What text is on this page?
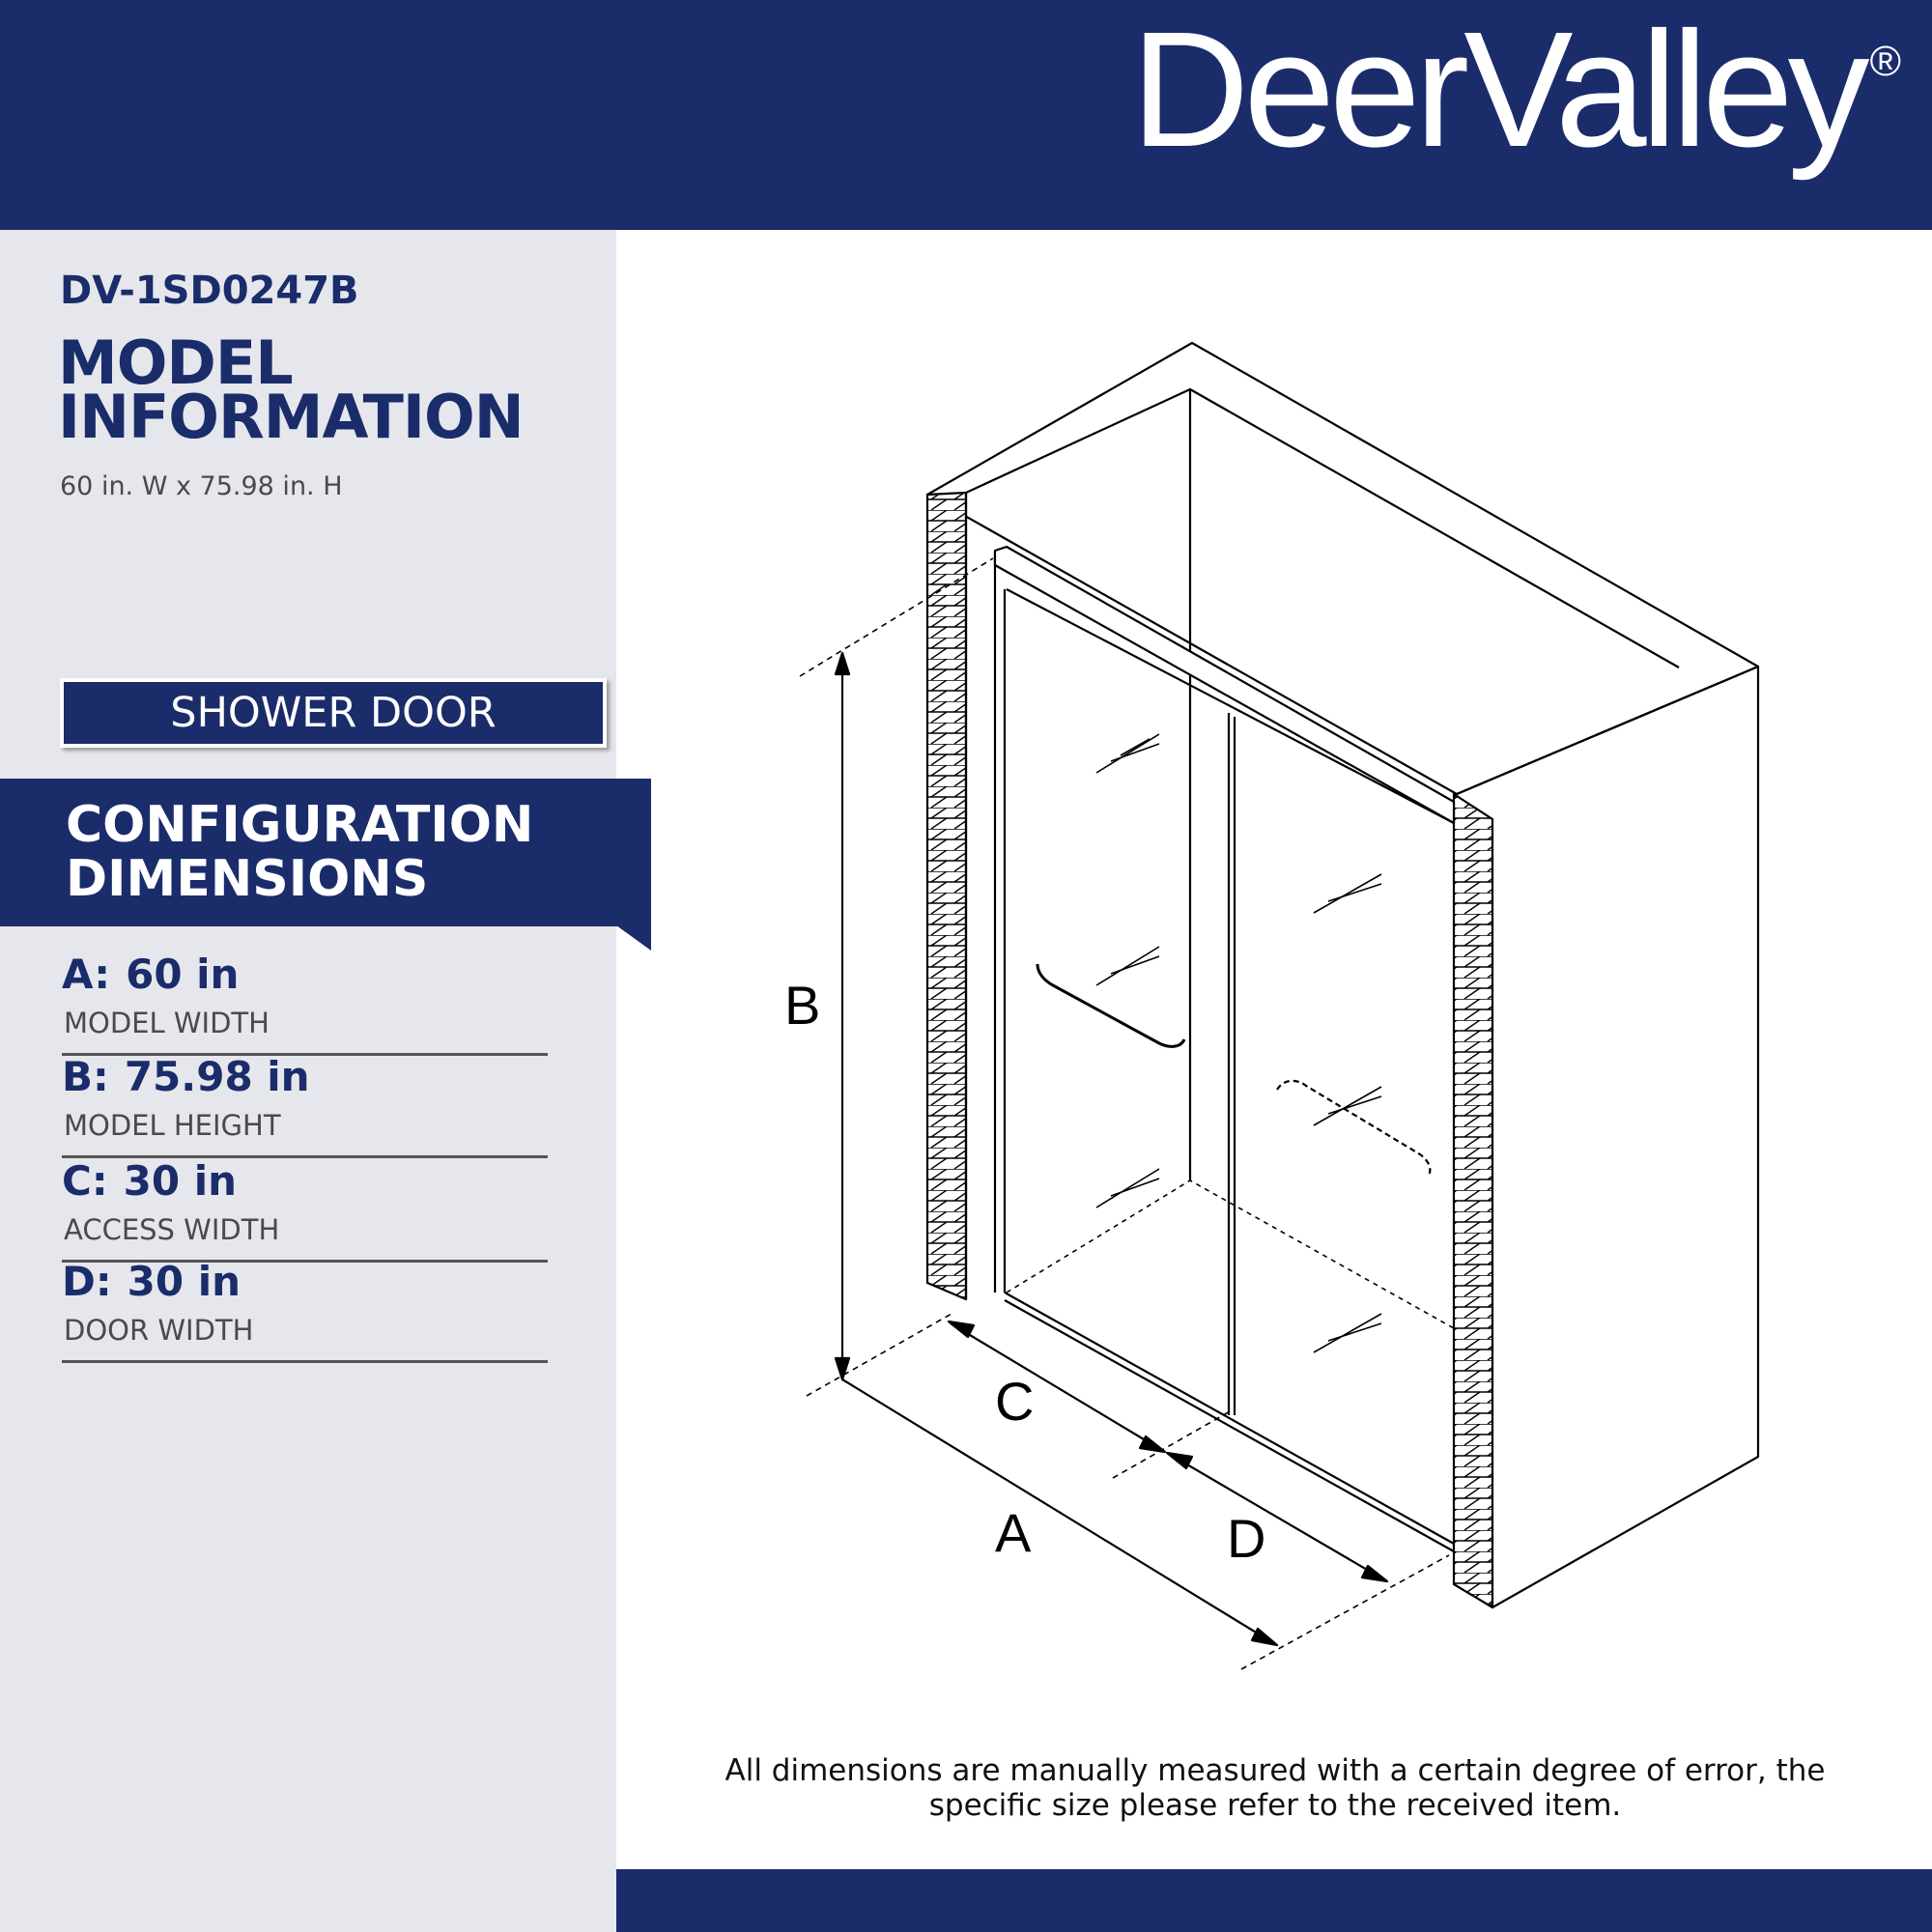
DeerValley ®
DV-1SD0247B
MODEL INFORMATION

60 in. W x 75.98 in. H

SHOWER DOOR
CONFIGURATION DIMENSIONS

A: 60 in

MODEL WIDTH

B: 75.98 in

MODEL HEIGHT

C: 30 in

ACCESS WIDTH

D: 30 in

DOOR WIDTH

B
C
A	D

All dimensions are manually measured with a certain degree of error, the specific size please refer to the received item.
